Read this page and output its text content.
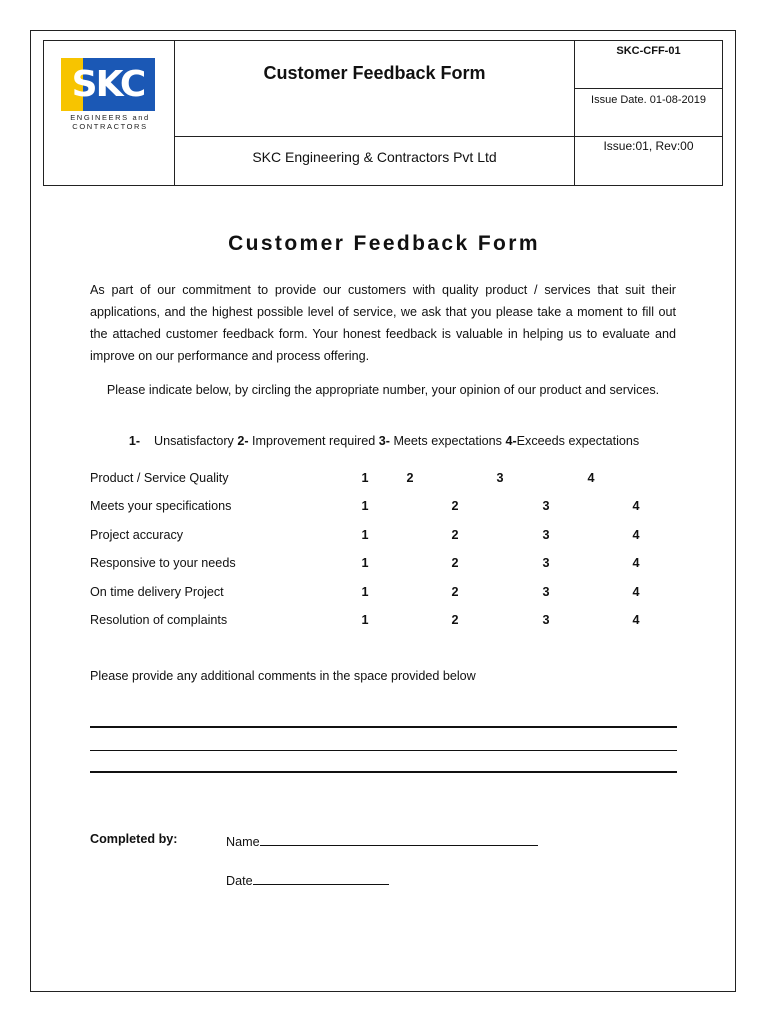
SKC
ENGINEERS and
CONTRACTORS
Customer Feedback Form
SKC Engineering & Contractors Pvt Ltd
SKC-CFF-01
Issue Date. 01-08-2019
Issue:01, Rev:00
Customer Feedback Form

As part of our commitment to provide our customers with quality product / services that suit their applications, and the highest possible level of service, we ask that you please take a moment to fill out the attached customer feedback form. Your honest feedback is valuable in helping us to evaluate and improve on our performance and process offering.

Please indicate below, by circling the appropriate number, your opinion of our product and services.

1- Unsatisfactory 2- Improvement required 3- Meets expectations 4-Exceeds expectations
Product / Service Quality	1	2	3	4
Meets your specifications	1	2	3	4
Project accuracy	1	2	3	4
Responsive to your needs	1	2	3	4
On time delivery Project	1	2	3	4
Resolution of complaints	1	2	3	4
Please provide any additional comments in the space provided below
Completed by:	Name
Date
